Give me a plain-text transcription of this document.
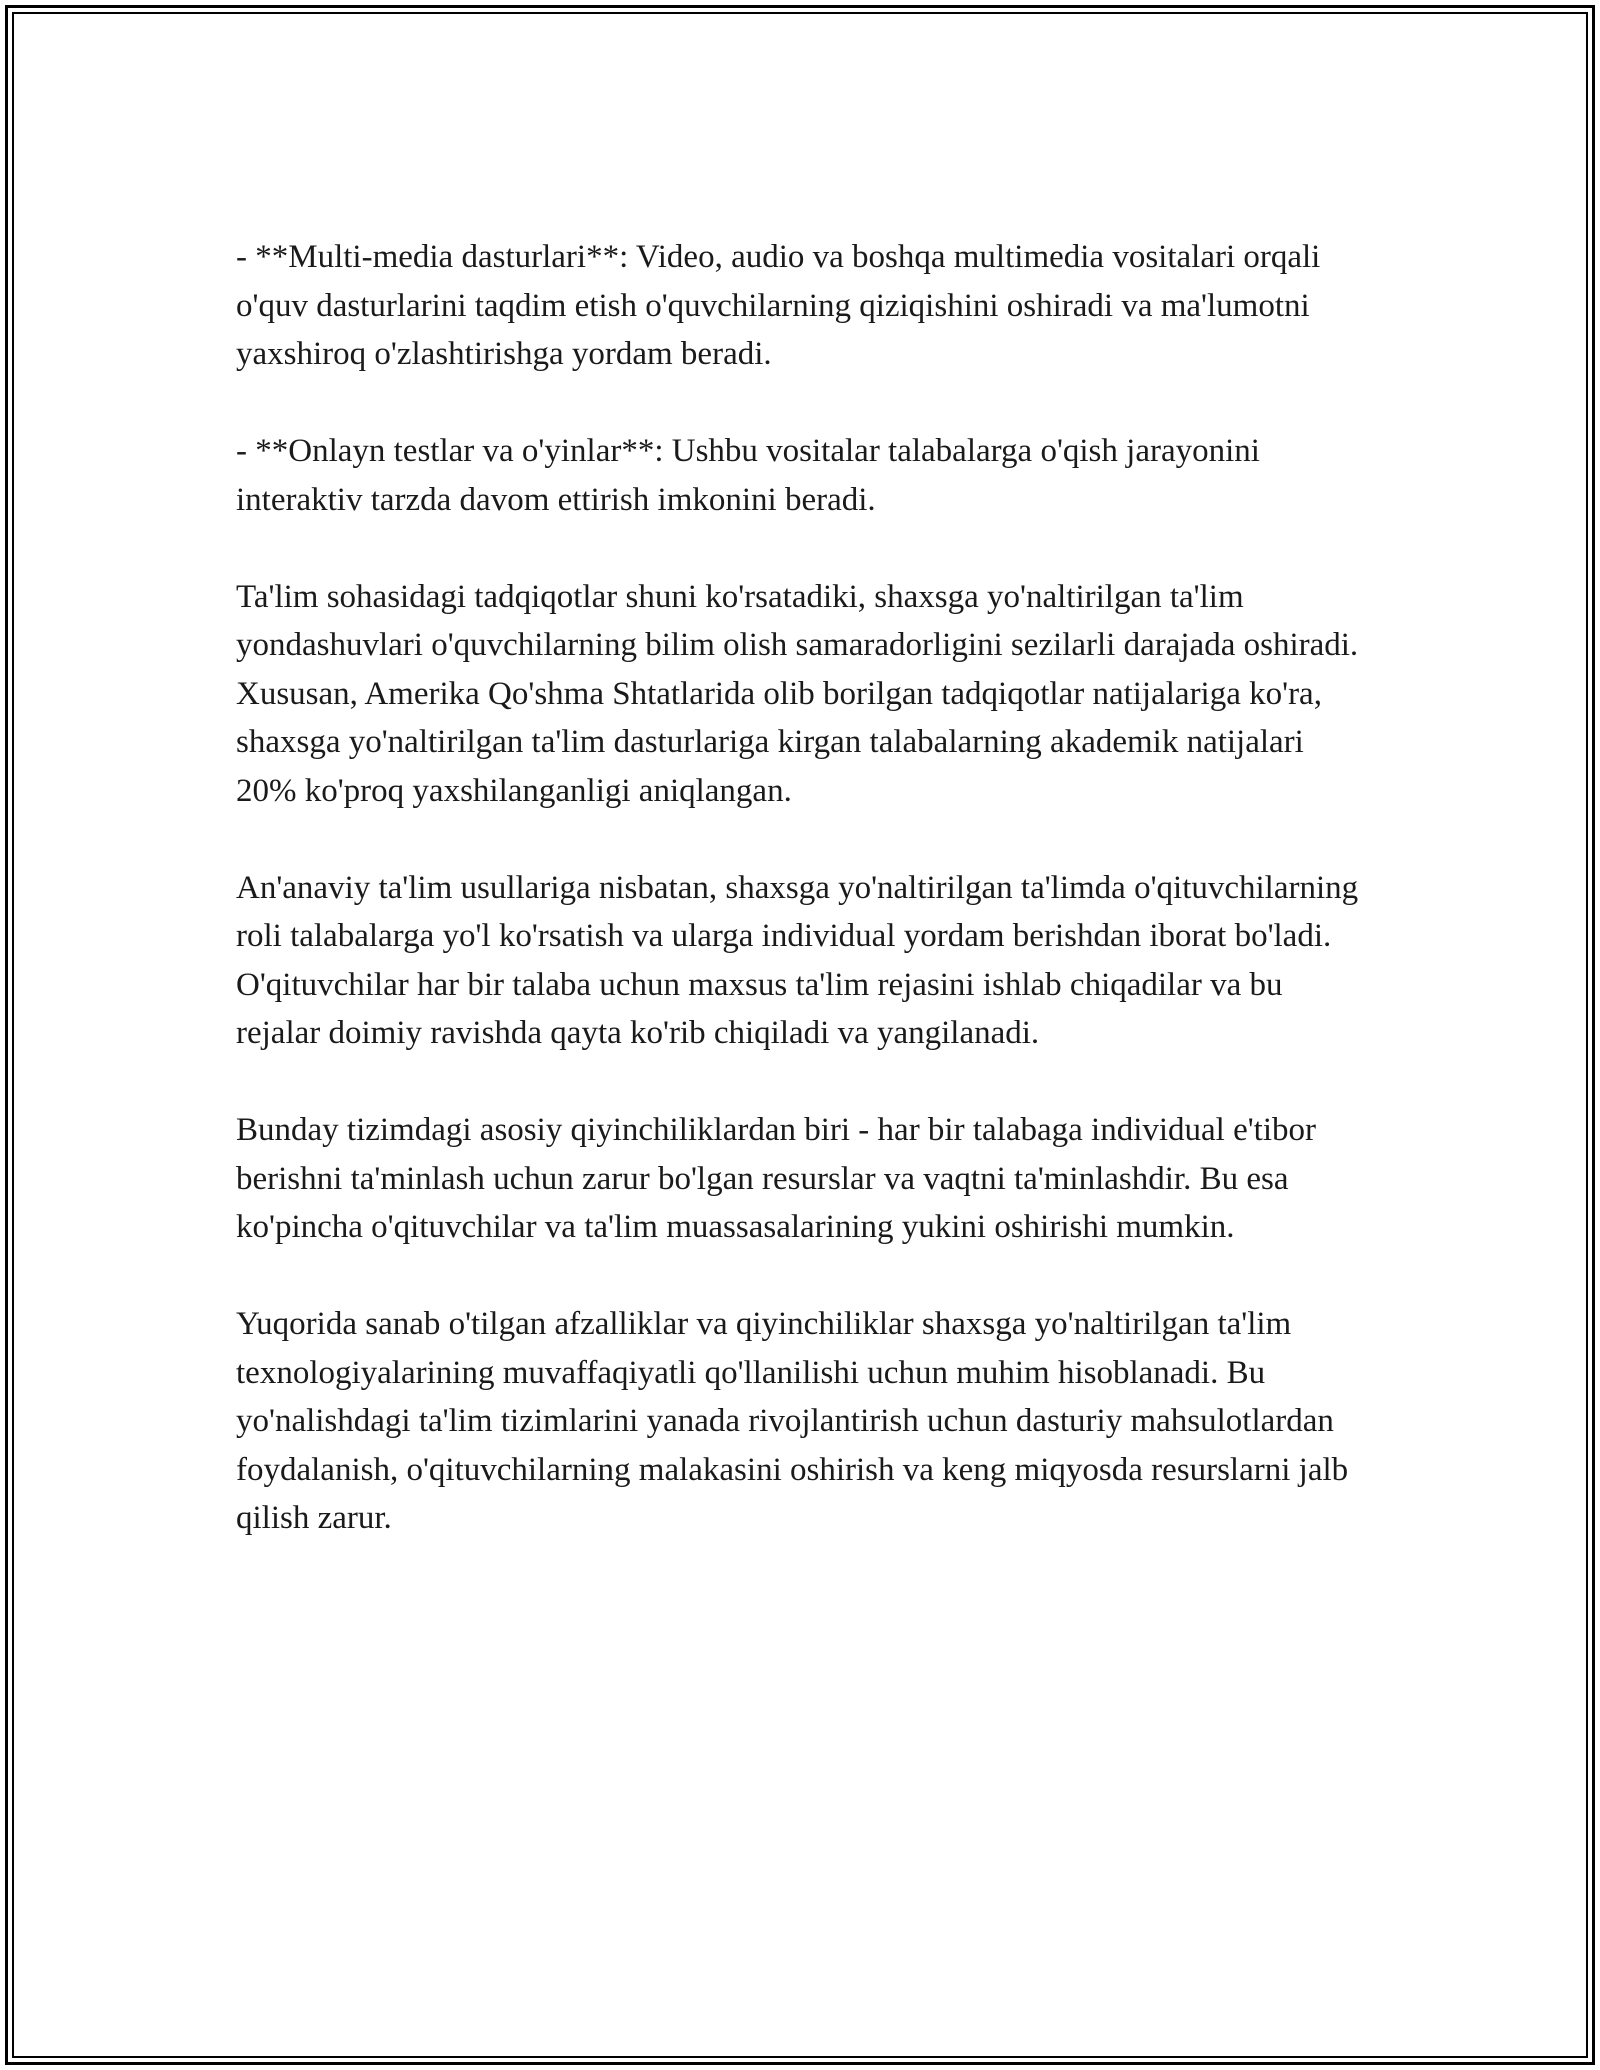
- **Multi-media dasturlari**: Video, audio va boshqa multimedia vositalari orqali o'quv dasturlarini taqdim etish o'quvchilarning qiziqishini oshiradi va ma'lumotni yaxshiroq o'zlashtirishga yordam beradi.

- **Onlayn testlar va o'yinlar**: Ushbu vositalar talabalarga o'qish jarayonini interaktiv tarzda davom ettirish imkonini beradi.

Ta'lim sohasidagi tadqiqotlar shuni ko'rsatadiki, shaxsga yo'naltirilgan ta'lim yondashuvlari o'quvchilarning bilim olish samaradorligini sezilarli darajada oshiradi. Xususan, Amerika Qo'shma Shtatlarida olib borilgan tadqiqotlar natijalariga ko'ra, shaxsga yo'naltirilgan ta'lim dasturlariga kirgan talabalarning akademik natijalari 20% ko'proq yaxshilanganligi aniqlangan.

An'anaviy ta'lim usullariga nisbatan, shaxsga yo'naltirilgan ta'limda o'qituvchilarning roli talabalarga yo'l ko'rsatish va ularga individual yordam berishdan iborat bo'ladi. O'qituvchilar har bir talaba uchun maxsus ta'lim rejasini ishlab chiqadilar va bu rejalar doimiy ravishda qayta ko'rib chiqiladi va yangilanadi.

Bunday tizimdagi asosiy qiyinchiliklardan biri - har bir talabaga individual e'tibor berishni ta'minlash uchun zarur bo'lgan resurslar va vaqtni ta'minlashdir. Bu esa ko'pincha o'qituvchilar va ta'lim muassasalarining yukini oshirishi mumkin.

Yuqorida sanab o'tilgan afzalliklar va qiyinchiliklar shaxsga yo'naltirilgan ta'lim texnologiyalarining muvaffaqiyatli qo'llanilishi uchun muhim hisoblanadi. Bu yo'nalishdagi ta'lim tizimlarini yanada rivojlantirish uchun dasturiy mahsulotlardan foydalanish, o'qituvchilarning malakasini oshirish va keng miqyosda resurslarni jalb qilish zarur.
